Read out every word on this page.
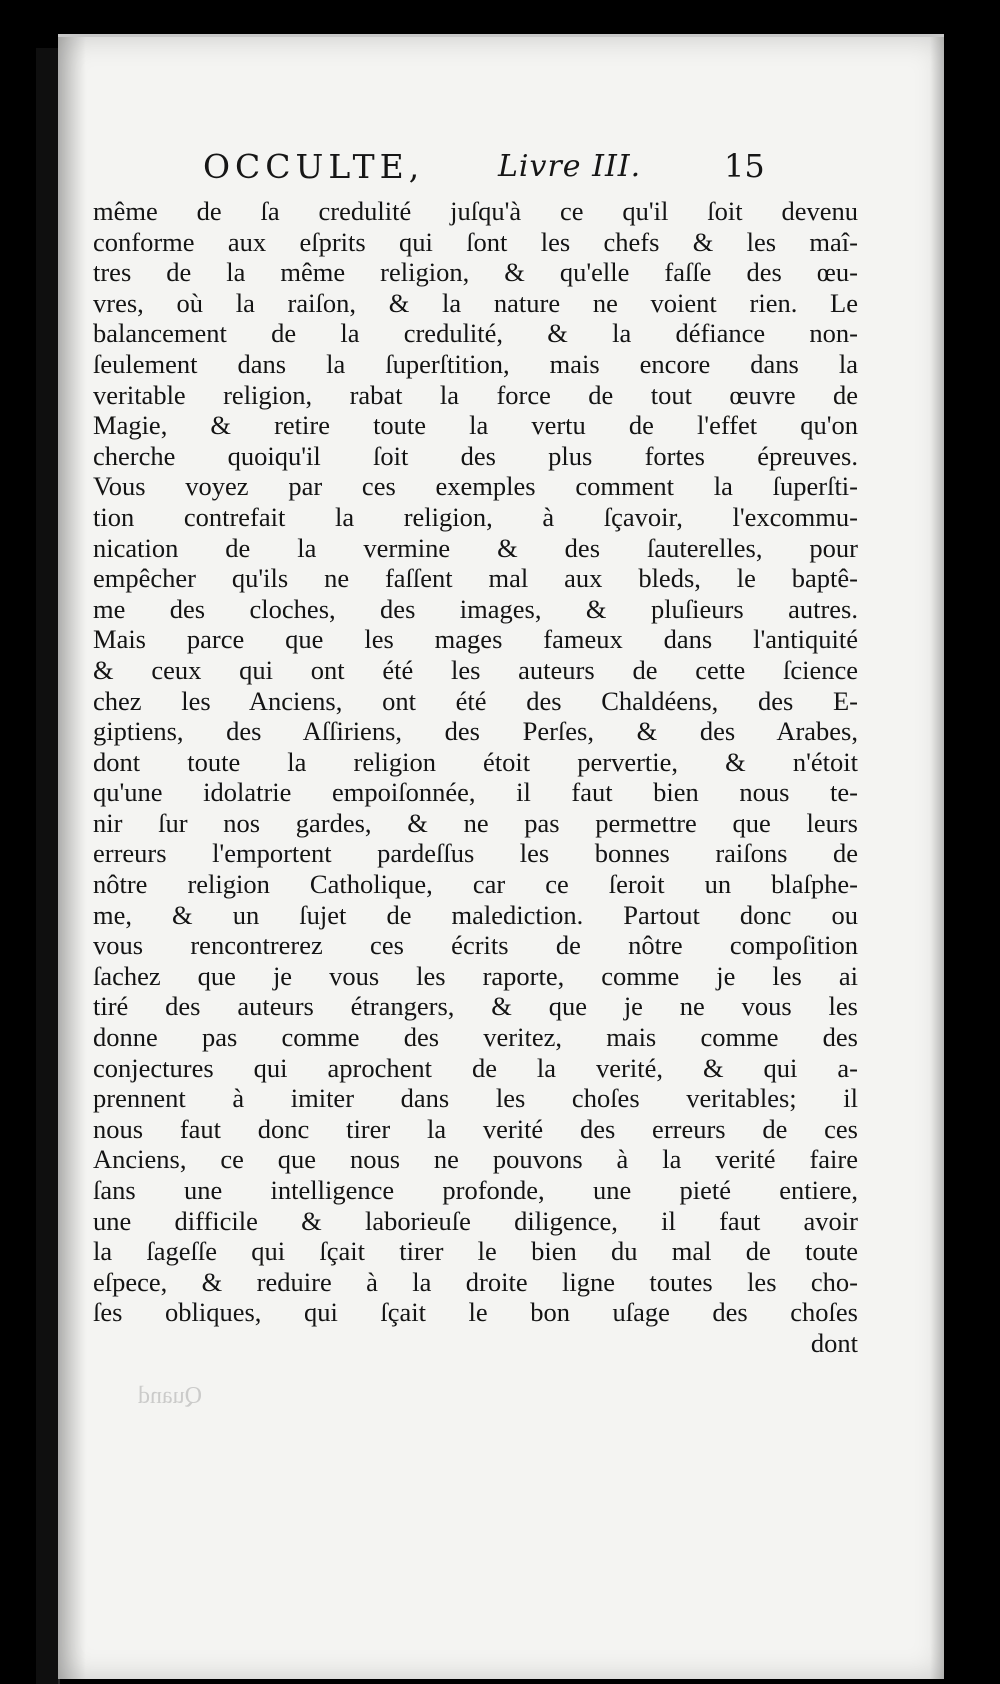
OCCULTE, Livre III.	15
même de ſa credulité juſqu'à ce qu'il ſoit devenu
conforme aux eſprits qui ſont les chefs & les maî-
tres de la même religion, & qu'elle faſſe des œu-
vres, où la raiſon, & la nature ne voient rien. Le
balancement de la credulité, & la défiance non-
ſeulement dans la ſuperſtition, mais encore dans la
veritable religion, rabat la force de tout œuvre de
Magie, & retire toute la vertu de l'effet qu'on
cherche quoiqu'il ſoit des plus fortes épreuves.
Vous voyez par ces exemples comment la ſuperſti-
tion contrefait la religion, à ſçavoir, l'excommu-
nication de la vermine & des ſauterelles, pour
empêcher qu'ils ne faſſent mal aux bleds, le baptê-
me des cloches, des images, & pluſieurs autres.
Mais parce que les mages fameux dans l'antiquité
& ceux qui ont été les auteurs de cette ſcience
chez les Anciens, ont été des Chaldéens, des E-
giptiens, des Aſſiriens, des Perſes, & des Arabes,
dont toute la religion étoit pervertie, & n'étoit
qu'une idolatrie empoiſonnée, il faut bien nous te-
nir ſur nos gardes, & ne pas permettre que leurs
erreurs l'emportent pardeſſus les bonnes raiſons de
nôtre religion Catholique, car ce ſeroit un blaſphe-
me, & un ſujet de malediction. Partout donc ou
vous rencontrerez ces écrits de nôtre compoſition
ſachez que je vous les raporte, comme je les ai
tiré des auteurs étrangers, & que je ne vous les
donne pas comme des veritez, mais comme des
conjectures qui aprochent de la verité, & qui a-
prennent à imiter dans les choſes veritables; il
nous faut donc tirer la verité des erreurs de ces
Anciens, ce que nous ne pouvons à la verité faire
ſans une intelligence profonde, une pieté entiere,
une difficile & laborieuſe diligence, il faut avoir
la ſageſſe qui ſçait tirer le bien du mal de toute
eſpece, & reduire à la droite ligne toutes les cho-
ſes obliques, qui ſçait le bon uſage des choſes
dont
Quand
